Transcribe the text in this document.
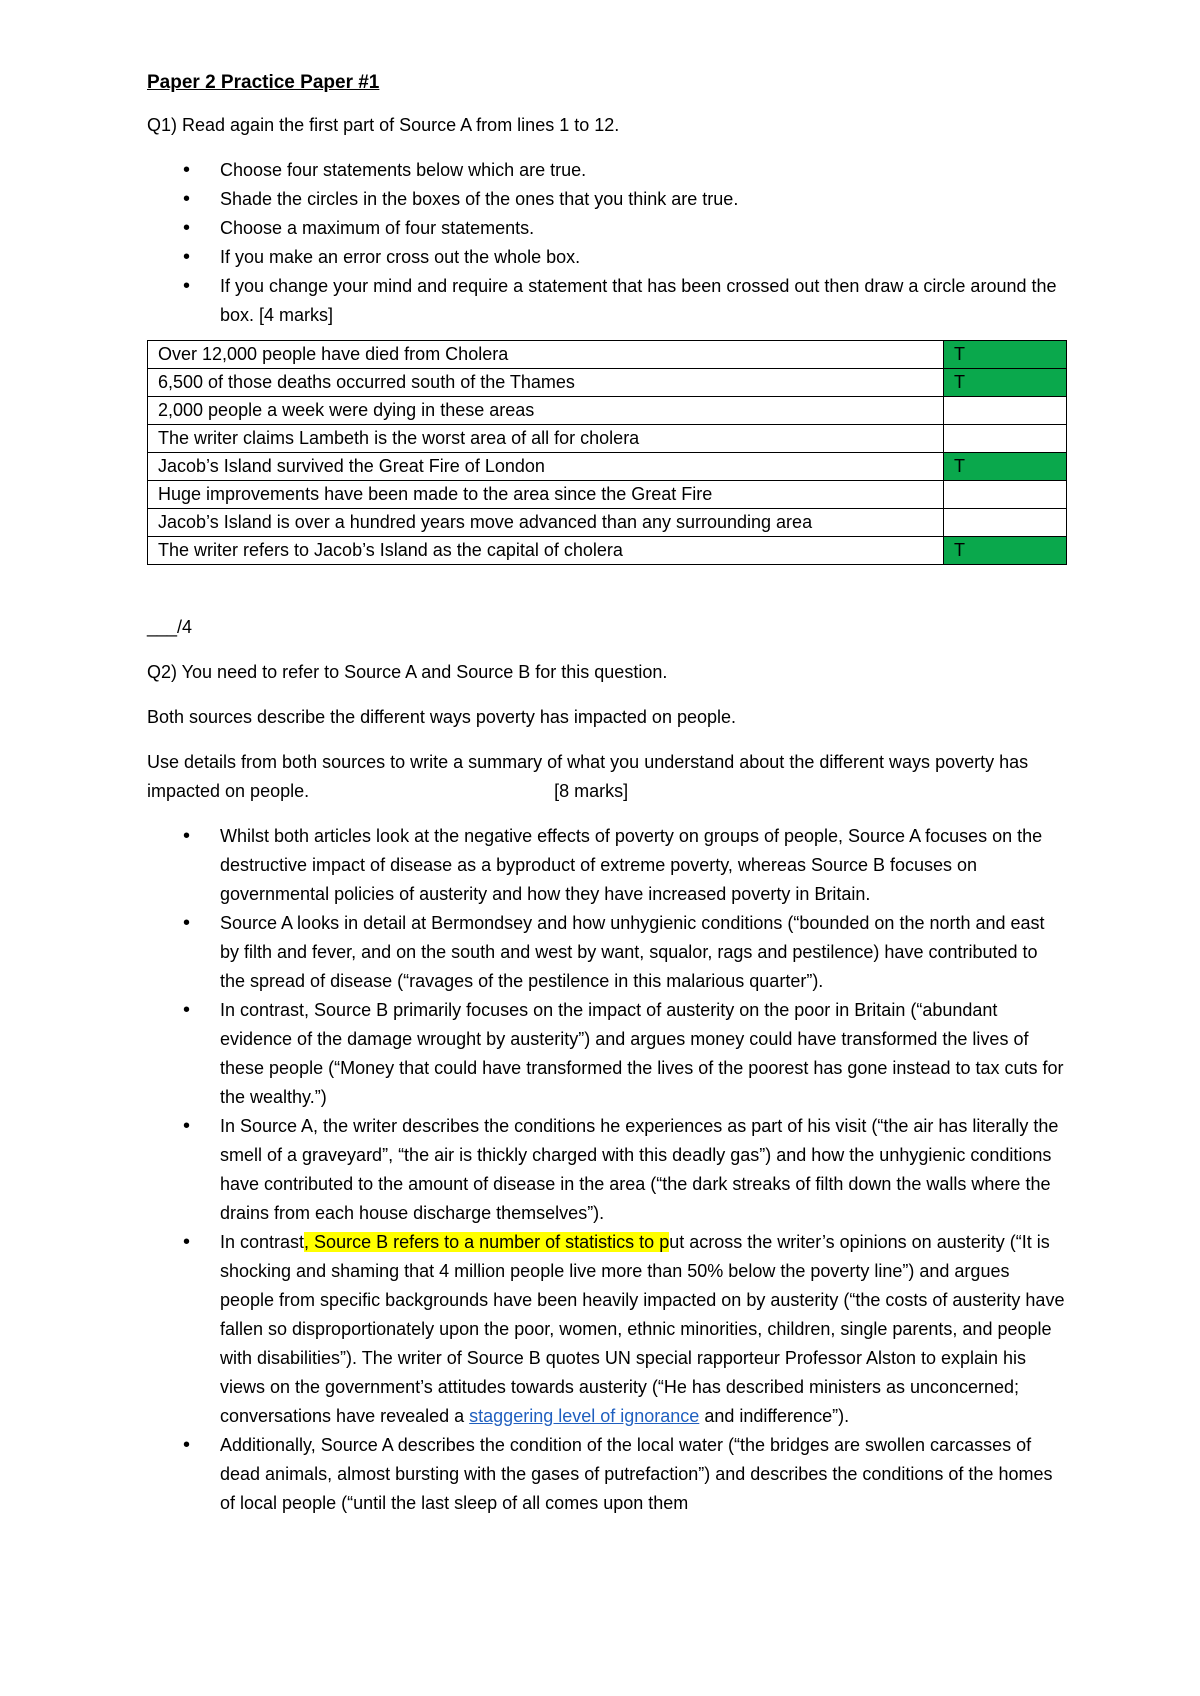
Paper 2 Practice Paper #1

Q1) Read again the first part of Source A from lines 1 to 12.

• Choose four statements below which are true.
• Shade the circles in the boxes of the ones that you think are true.
• Choose a maximum of four statements.
• If you make an error cross out the whole box.
• If you change your mind and require a statement that has been crossed out then draw a circle around the box. [4 marks]
Over 12,000 people have died from Cholera	T
6,500 of those deaths occurred south of the Thames	T
2,000 people a week were dying in these areas	
The writer claims Lambeth is the worst area of all for cholera	
Jacob’s Island survived the Great Fire of London	T
Huge improvements have been made to the area since the Great Fire	
Jacob’s Island is over a hundred years move advanced than any surrounding area	
The writer refers to Jacob’s Island as the capital of cholera	T

___/4

Q2) You need to refer to Source A and Source B for this question.

Both sources describe the different ways poverty has impacted on people.

Use details from both sources to write a summary of what you understand about the different ways poverty has impacted on people.	[8 marks]

• Whilst both articles look at the negative effects of poverty on groups of people, Source A focuses on the destructive impact of disease as a byproduct of extreme poverty, whereas Source B focuses on governmental policies of austerity and how they have increased poverty in Britain.
• Source A looks in detail at Bermondsey and how unhygienic conditions (“bounded on the north and east by filth and fever, and on the south and west by want, squalor, rags and pestilence) have contributed to the spread of disease (“ravages of the pestilence in this malarious quarter”).
• In contrast, Source B primarily focuses on the impact of austerity on the poor in Britain (“abundant evidence of the damage wrought by austerity”) and argues money could have transformed the lives of these people (“Money that could have transformed the lives of the poorest has gone instead to tax cuts for the wealthy.”)
• In Source A, the writer describes the conditions he experiences as part of his visit (“the air has literally the smell of a graveyard”, “the air is thickly charged with this deadly gas”) and how the unhygienic conditions have contributed to the amount of disease in the area (“the dark streaks of filth down the walls where the drains from each house discharge themselves”).
• In contrast, Source B refers to a number of statistics to put across the writer’s opinions on austerity (“It is shocking and shaming that 4 million people live more than 50% below the poverty line”) and argues people from specific backgrounds have been heavily impacted on by austerity (“the costs of austerity have fallen so disproportionately upon the poor, women, ethnic minorities, children, single parents, and people with disabilities”). The writer of Source B quotes UN special rapporteur Professor Alston to explain his views on the government’s attitudes towards austerity (“He has described ministers as unconcerned; conversations have revealed a staggering level of ignorance and indifference”).
• Additionally, Source A describes the condition of the local water (“the bridges are swollen carcasses of dead animals, almost bursting with the gases of putrefaction”) and describes the conditions of the homes of local people (“until the last sleep of all comes upon them
